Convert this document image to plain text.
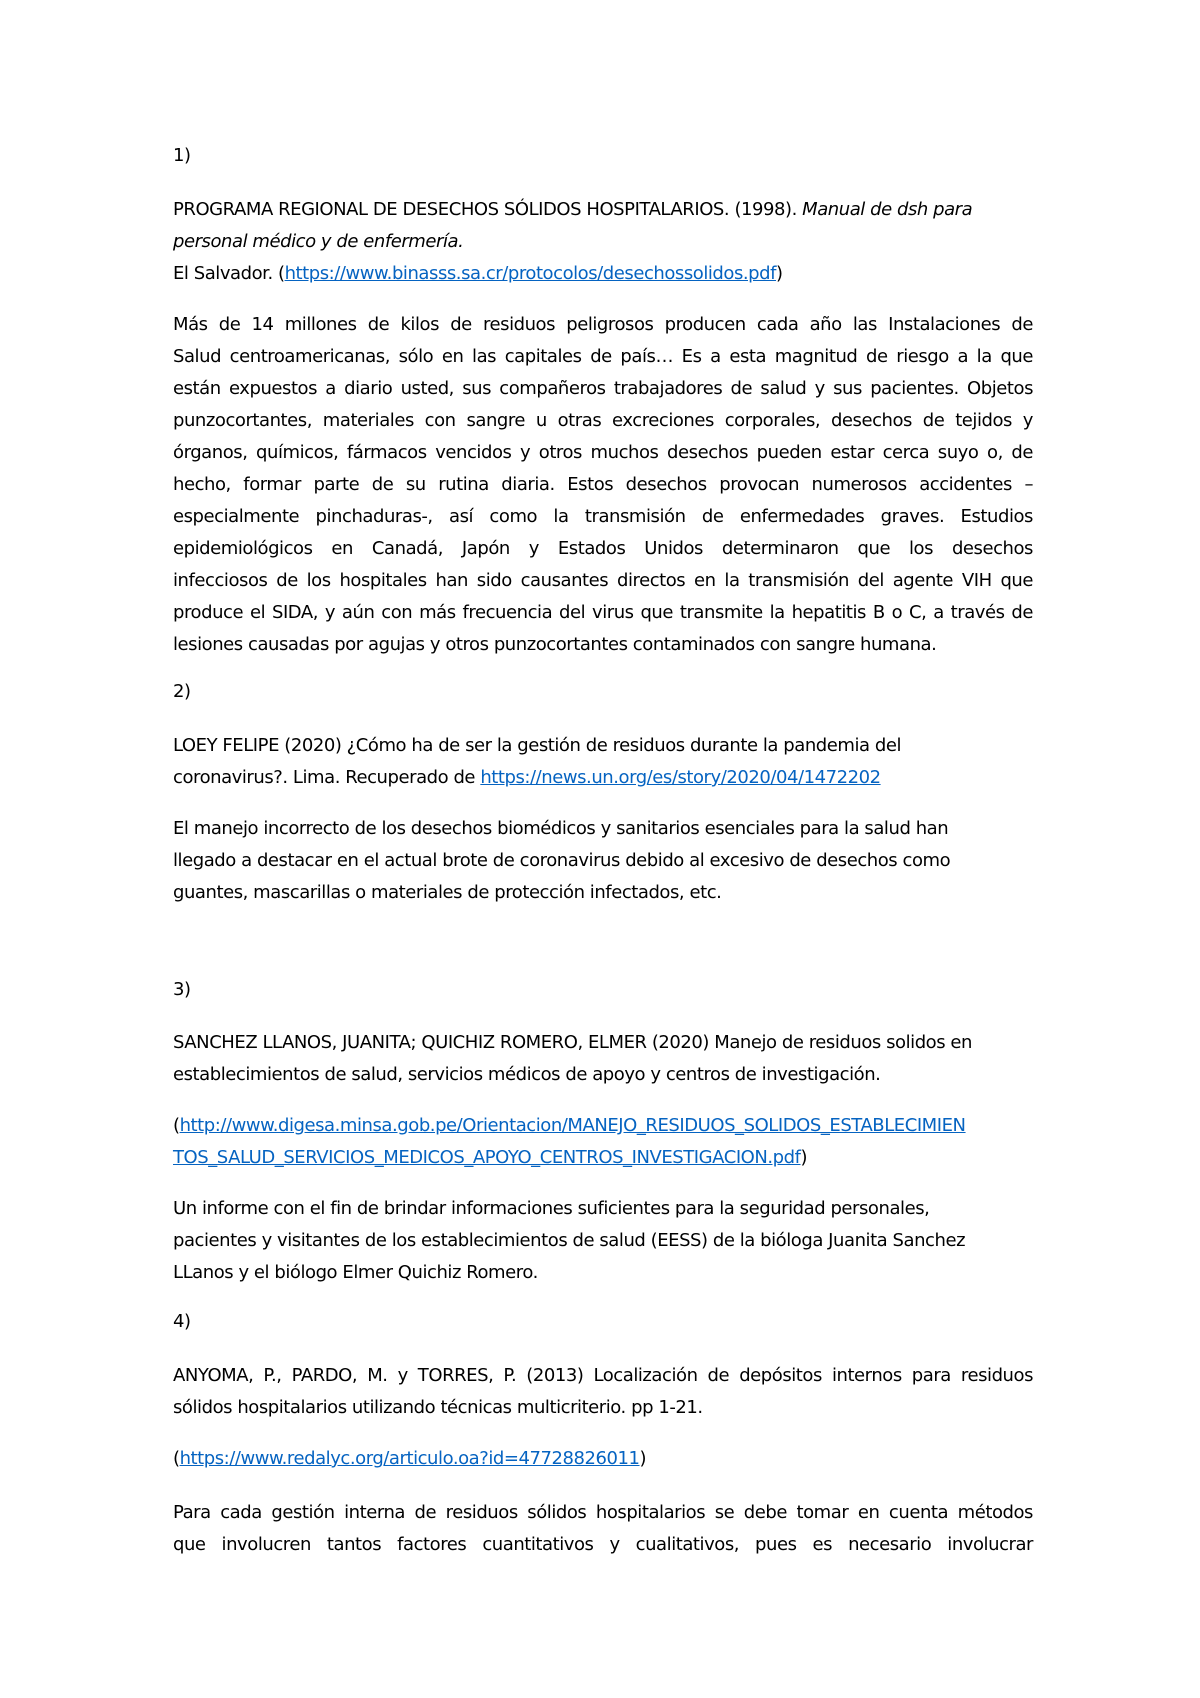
1)
PROGRAMA REGIONAL DE DESECHOS SÓLIDOS HOSPITALARIOS. (1998). Manual de dsh para
personal médico y de enfermería.
El Salvador. (https://www.binasss.sa.cr/protocolos/desechossolidos.pdf)
Más de 14 millones de kilos de residuos peligrosos producen cada año las Instalaciones de
Salud centroamericanas, sólo en las capitales de país… Es a esta magnitud de riesgo a la que
están expuestos a diario usted, sus compañeros trabajadores de salud y sus pacientes. Objetos
punzocortantes, materiales con sangre u otras excreciones corporales, desechos de tejidos y
órganos, químicos, fármacos vencidos y otros muchos desechos pueden estar cerca suyo o, de
hecho, formar parte de su rutina diaria. Estos desechos provocan numerosos accidentes –
especialmente pinchaduras-, así como la transmisión de enfermedades graves. Estudios
epidemiológicos en Canadá, Japón y Estados Unidos determinaron que los desechos
infecciosos de los hospitales han sido causantes directos en la transmisión del agente VIH que
produce el SIDA, y aún con más frecuencia del virus que transmite la hepatitis B o C, a través de
lesiones causadas por agujas y otros punzocortantes contaminados con sangre humana.
2)
LOEY FELIPE (2020) ¿Cómo ha de ser la gestión de residuos durante la pandemia del
coronavirus?. Lima. Recuperado de https://news.un.org/es/story/2020/04/1472202
El manejo incorrecto de los desechos biomédicos y sanitarios esenciales para la salud han
llegado a destacar en el actual brote de coronavirus debido al excesivo de desechos como
guantes, mascarillas o materiales de protección infectados, etc.
3)
SANCHEZ LLANOS, JUANITA; QUICHIZ ROMERO, ELMER (2020) Manejo de residuos solidos en
establecimientos de salud, servicios médicos de apoyo y centros de investigación.
(http://www.digesa.minsa.gob.pe/Orientacion/MANEJO_RESIDUOS_SOLIDOS_ESTABLECIMIEN
TOS_SALUD_SERVICIOS_MEDICOS_APOYO_CENTROS_INVESTIGACION.pdf)
Un informe con el fin de brindar informaciones suficientes para la seguridad personales,
pacientes y visitantes de los establecimientos de salud (EESS) de la bióloga Juanita Sanchez
LLanos y el biólogo Elmer Quichiz Romero.
4)
ANYOMA, P., PARDO, M. y TORRES, P. (2013) Localización de depósitos internos para residuos
sólidos hospitalarios utilizando técnicas multicriterio. pp 1-21.
(https://www.redalyc.org/articulo.oa?id=47728826011)
Para cada gestión interna de residuos sólidos hospitalarios se debe tomar en cuenta métodos
que involucren tantos factores cuantitativos y cualitativos, pues es necesario involucrar
